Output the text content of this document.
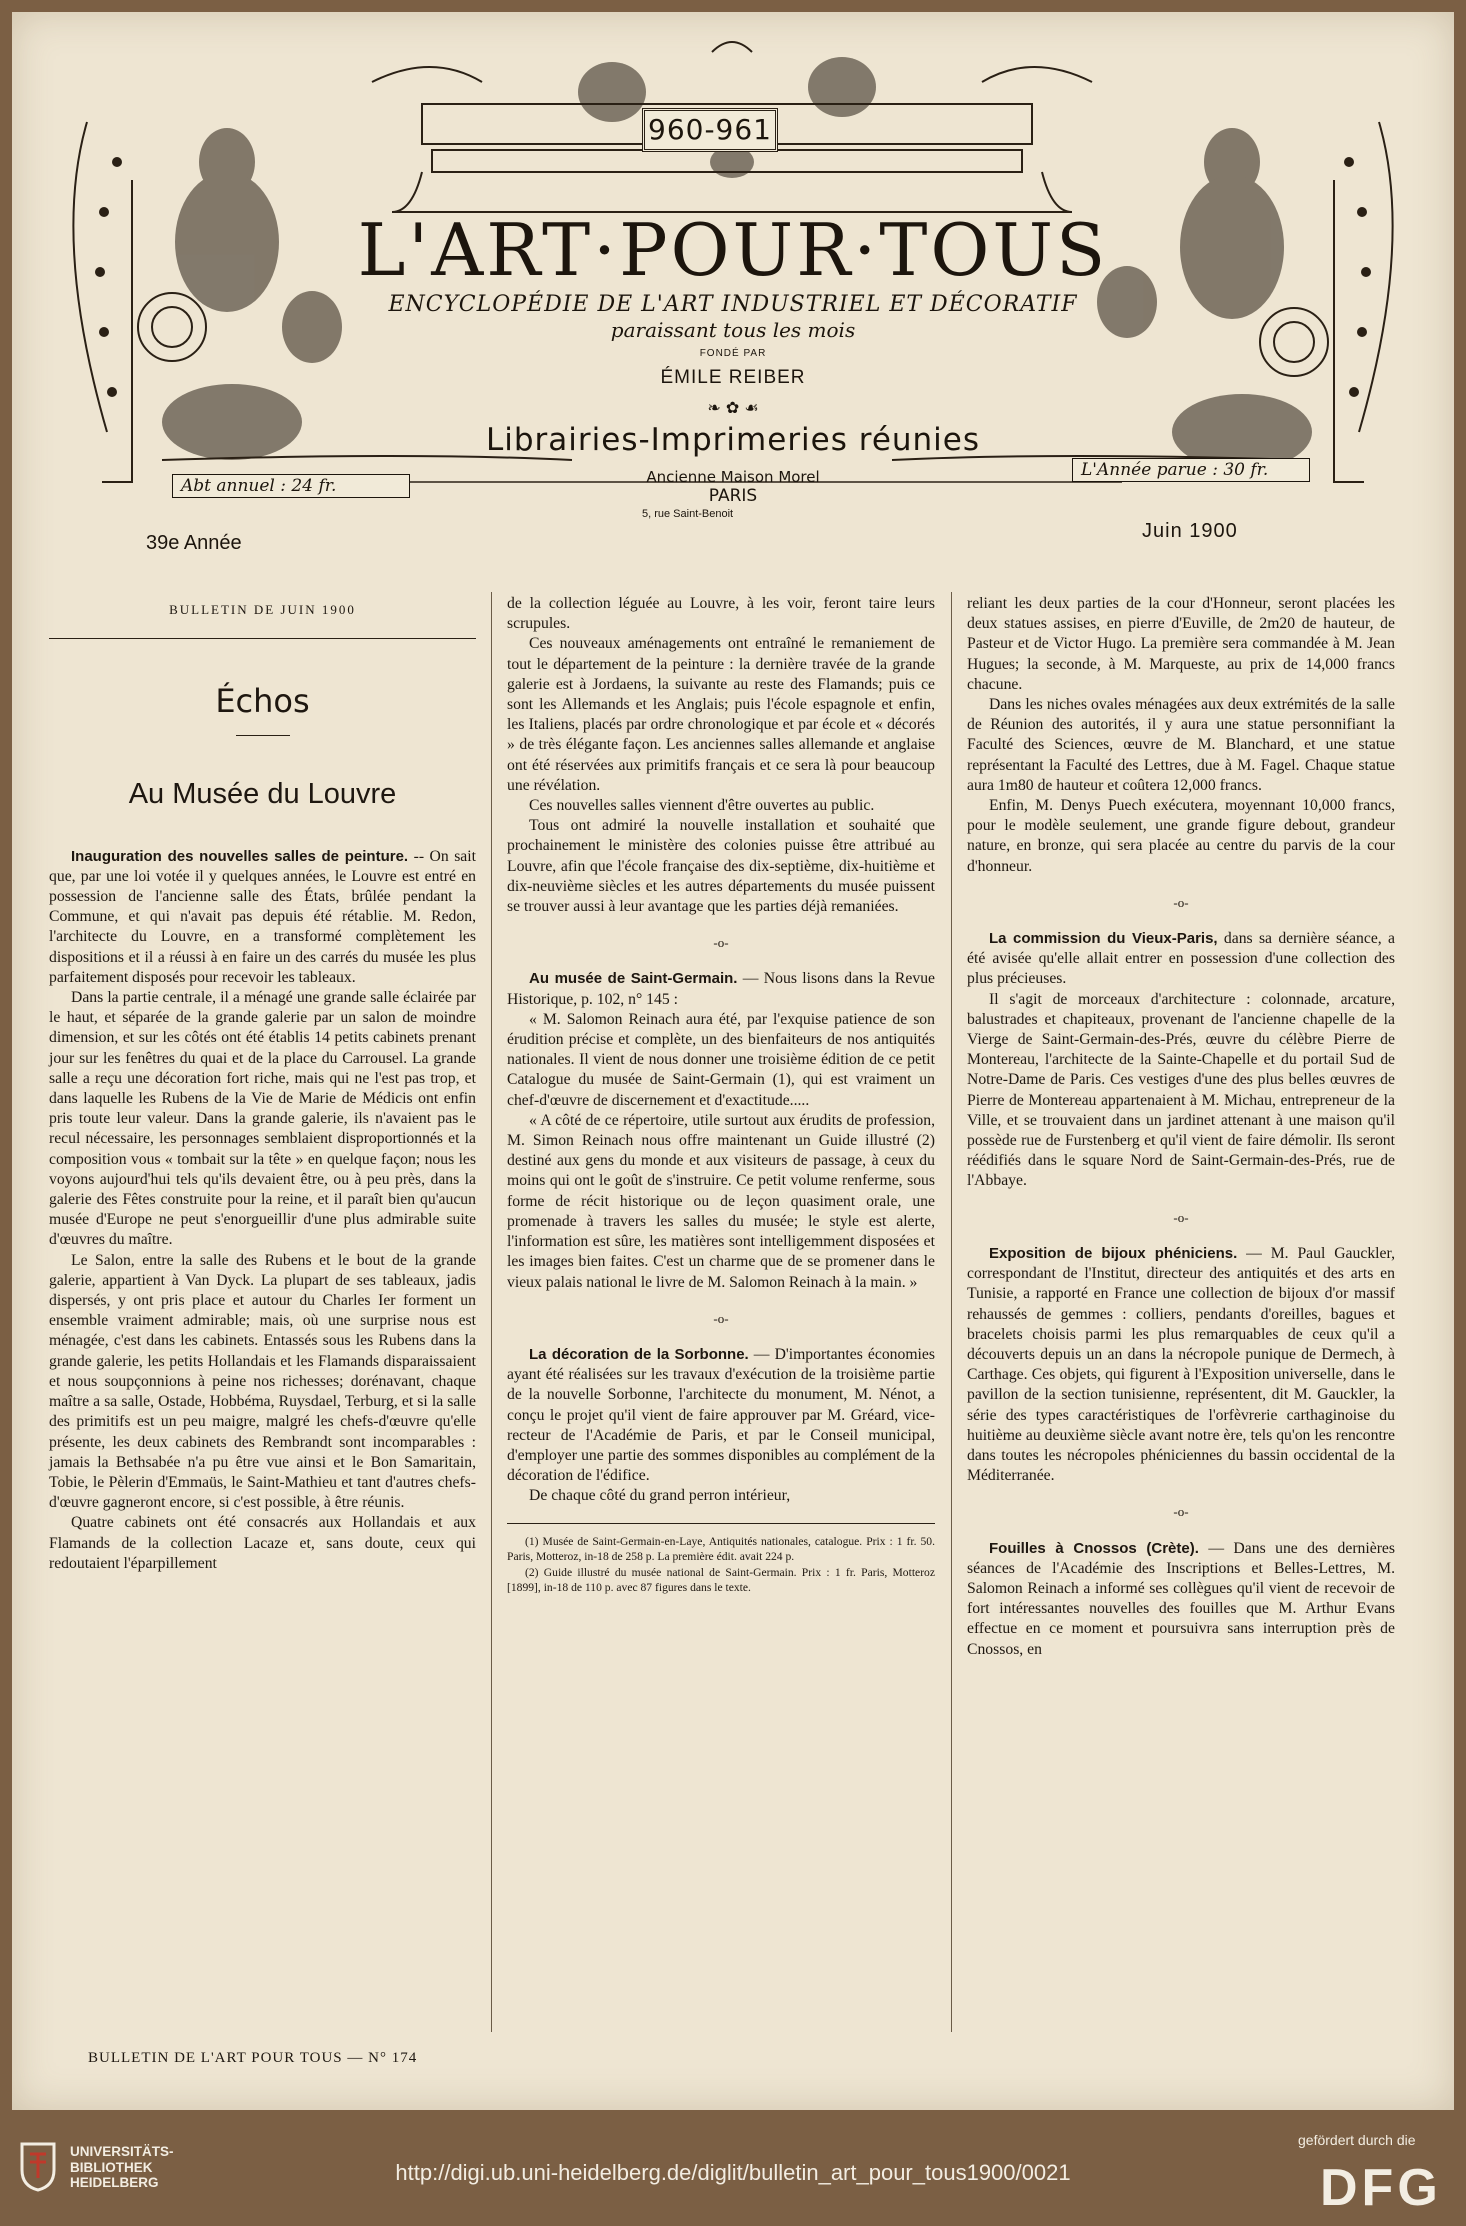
960-961
L'ART·POUR·TOUS
ENCYCLOPÉDIE DE L'ART INDUSTRIEL ET DÉCORATIF
paraissant tous les mois
FONDÉ PAR
ÉMILE REIBER
❧ ✿ ☙
Librairies-Imprimeries réunies
Ancienne Maison Morel
PARIS
5, rue Saint-Benoit
Abt annuel : 24 fr.
L'Année parue : 30 fr.
39e Année
Juin 1900
BULLETIN DE JUIN 1900
Échos
Au Musée du Louvre

Inauguration des nouvelles salles de peinture. -- On sait que, par une loi votée il y quelques années, le Louvre est entré en possession de l'ancienne salle des États, brûlée pendant la Commune, et qui n'avait pas depuis été rétablie. M. Redon, l'architecte du Louvre, en a transformé complètement les dispositions et il a réussi à en faire un des carrés du musée les plus parfaitement disposés pour recevoir les tableaux.

Dans la partie centrale, il a ménagé une grande salle éclairée par le haut, et séparée de la grande galerie par un salon de moindre dimension, et sur les côtés ont été établis 14 petits cabinets prenant jour sur les fenêtres du quai et de la place du Carrousel. La grande salle a reçu une décoration fort riche, mais qui ne l'est pas trop, et dans laquelle les Rubens de la Vie de Marie de Médicis ont enfin pris toute leur valeur. Dans la grande galerie, ils n'avaient pas le recul nécessaire, les personnages semblaient disproportionnés et la composition vous « tombait sur la tête » en quelque façon; nous les voyons aujourd'hui tels qu'ils devaient être, ou à peu près, dans la galerie des Fêtes construite pour la reine, et il paraît bien qu'aucun musée d'Europe ne peut s'enorgueillir d'une plus admirable suite d'œuvres du maître.

Le Salon, entre la salle des Rubens et le bout de la grande galerie, appartient à Van Dyck. La plupart de ses tableaux, jadis dispersés, y ont pris place et autour du Charles Ier forment un ensemble vraiment admirable; mais, où une surprise nous est ménagée, c'est dans les cabinets. Entassés sous les Rubens dans la grande galerie, les petits Hollandais et les Flamands disparaissaient et nous soupçonnions à peine nos richesses; dorénavant, chaque maître a sa salle, Ostade, Hobbéma, Ruysdael, Terburg, et si la salle des primitifs est un peu maigre, malgré les chefs-d'œuvre qu'elle présente, les deux cabinets des Rembrandt sont incomparables : jamais la Bethsabée n'a pu être vue ainsi et le Bon Samaritain, Tobie, le Pèlerin d'Emmaüs, le Saint-Mathieu et tant d'autres chefs-d'œuvre gagneront encore, si c'est possible, à être réunis.

Quatre cabinets ont été consacrés aux Hollandais et aux Flamands de la collection Lacaze et, sans doute, ceux qui redoutaient l'éparpillement

de la collection léguée au Louvre, à les voir, feront taire leurs scrupules.

Ces nouveaux aménagements ont entraîné le remaniement de tout le département de la peinture : la dernière travée de la grande galerie est à Jordaens, la suivante au reste des Flamands; puis ce sont les Allemands et les Anglais; puis l'école espagnole et enfin, les Italiens, placés par ordre chronologique et par école et « décorés » de très élégante façon. Les anciennes salles allemande et anglaise ont été réservées aux primitifs français et ce sera là pour beaucoup une révélation.

Ces nouvelles salles viennent d'être ouvertes au public.

Tous ont admiré la nouvelle installation et souhaité que prochainement le ministère des colonies puisse être attribué au Louvre, afin que l'école française des dix-septième, dix-huitième et dix-neuvième siècles et les autres départements du musée puissent se trouver aussi à leur avantage que les parties déjà remaniées.

-o-

Au musée de Saint-Germain. — Nous lisons dans la Revue Historique, p. 102, n° 145 :

« M. Salomon Reinach aura été, par l'exquise patience de son érudition précise et complète, un des bienfaiteurs de nos antiquités nationales. Il vient de nous donner une troisième édition de ce petit Catalogue du musée de Saint-Germain (1), qui est vraiment un chef-d'œuvre de discernement et d'exactitude.....

« A côté de ce répertoire, utile surtout aux érudits de profession, M. Simon Reinach nous offre maintenant un Guide illustré (2) destiné aux gens du monde et aux visiteurs de passage, à ceux du moins qui ont le goût de s'instruire. Ce petit volume renferme, sous forme de récit historique ou de leçon quasiment orale, une promenade à travers les salles du musée; le style est alerte, l'information est sûre, les matières sont intelligemment disposées et les images bien faites. C'est un charme que de se promener dans le vieux palais national le livre de M. Salomon Reinach à la main. »

-o-

La décoration de la Sorbonne. — D'importantes économies ayant été réalisées sur les travaux d'exécution de la troisième partie de la nouvelle Sorbonne, l'architecte du monument, M. Nénot, a conçu le projet qu'il vient de faire approuver par M. Gréard, vice-recteur de l'Académie de Paris, et par le Conseil municipal, d'employer une partie des sommes disponibles au complément de la décoration de l'édifice.

De chaque côté du grand perron intérieur,

(1) Musée de Saint-Germain-en-Laye, Antiquités nationales, catalogue. Prix : 1 fr. 50. Paris, Motteroz, in-18 de 258 p. La première édit. avait 224 p.

(2) Guide illustré du musée national de Saint-Germain. Prix : 1 fr. Paris, Motteroz [1899], in-18 de 110 p. avec 87 figures dans le texte.

reliant les deux parties de la cour d'Honneur, seront placées les deux statues assises, en pierre d'Euville, de 2m20 de hauteur, de Pasteur et de Victor Hugo. La première sera commandée à M. Jean Hugues; la seconde, à M. Marqueste, au prix de 14,000 francs chacune.

Dans les niches ovales ménagées aux deux extrémités de la salle de Réunion des autorités, il y aura une statue personnifiant la Faculté des Sciences, œuvre de M. Blanchard, et une statue représentant la Faculté des Lettres, due à M. Fagel. Chaque statue aura 1m80 de hauteur et coûtera 12,000 francs.

Enfin, M. Denys Puech exécutera, moyennant 10,000 francs, pour le modèle seulement, une grande figure debout, grandeur nature, en bronze, qui sera placée au centre du parvis de la cour d'honneur.

-o-

La commission du Vieux-Paris, dans sa dernière séance, a été avisée qu'elle allait entrer en possession d'une collection des plus précieuses.

Il s'agit de morceaux d'architecture : colonnade, arcature, balustrades et chapiteaux, provenant de l'ancienne chapelle de la Vierge de Saint-Germain-des-Prés, œuvre du célèbre Pierre de Montereau, l'architecte de la Sainte-Chapelle et du portail Sud de Notre-Dame de Paris. Ces vestiges d'une des plus belles œuvres de Pierre de Montereau appartenaient à M. Michau, entrepreneur de la Ville, et se trouvaient dans un jardinet attenant à une maison qu'il possède rue de Furstenberg et qu'il vient de faire démolir. Ils seront réédifiés dans le square Nord de Saint-Germain-des-Prés, rue de l'Abbaye.

-o-

Exposition de bijoux phéniciens. — M. Paul Gauckler, correspondant de l'Institut, directeur des antiquités et des arts en Tunisie, a rapporté en France une collection de bijoux d'or massif rehaussés de gemmes : colliers, pendants d'oreilles, bagues et bracelets choisis parmi les plus remarquables de ceux qu'il a découverts depuis un an dans la nécropole punique de Dermech, à Carthage. Ces objets, qui figurent à l'Exposition universelle, dans le pavillon de la section tunisienne, représentent, dit M. Gauckler, la série des types caractéristiques de l'orfèvrerie carthaginoise du huitième au deuxième siècle avant notre ère, tels qu'on les rencontre dans toutes les nécropoles phéniciennes du bassin occidental de la Méditerranée.

-o-

Fouilles à Cnossos (Crète). — Dans une des dernières séances de l'Académie des Inscriptions et Belles-Lettres, M. Salomon Reinach a informé ses collègues qu'il vient de recevoir de fort intéressantes nouvelles des fouilles que M. Arthur Evans effectue en ce moment et poursuivra sans interruption près de Cnossos, en

BULLETIN DE L'ART POUR TOUS — N° 174
UNIVERSITÄTS-
BIBLIOTHEK
HEIDELBERG	http://digi.ub.uni-heidelberg.de/diglit/bulletin_art_pour_tous1900/0021
gefördert durch die
DFG
